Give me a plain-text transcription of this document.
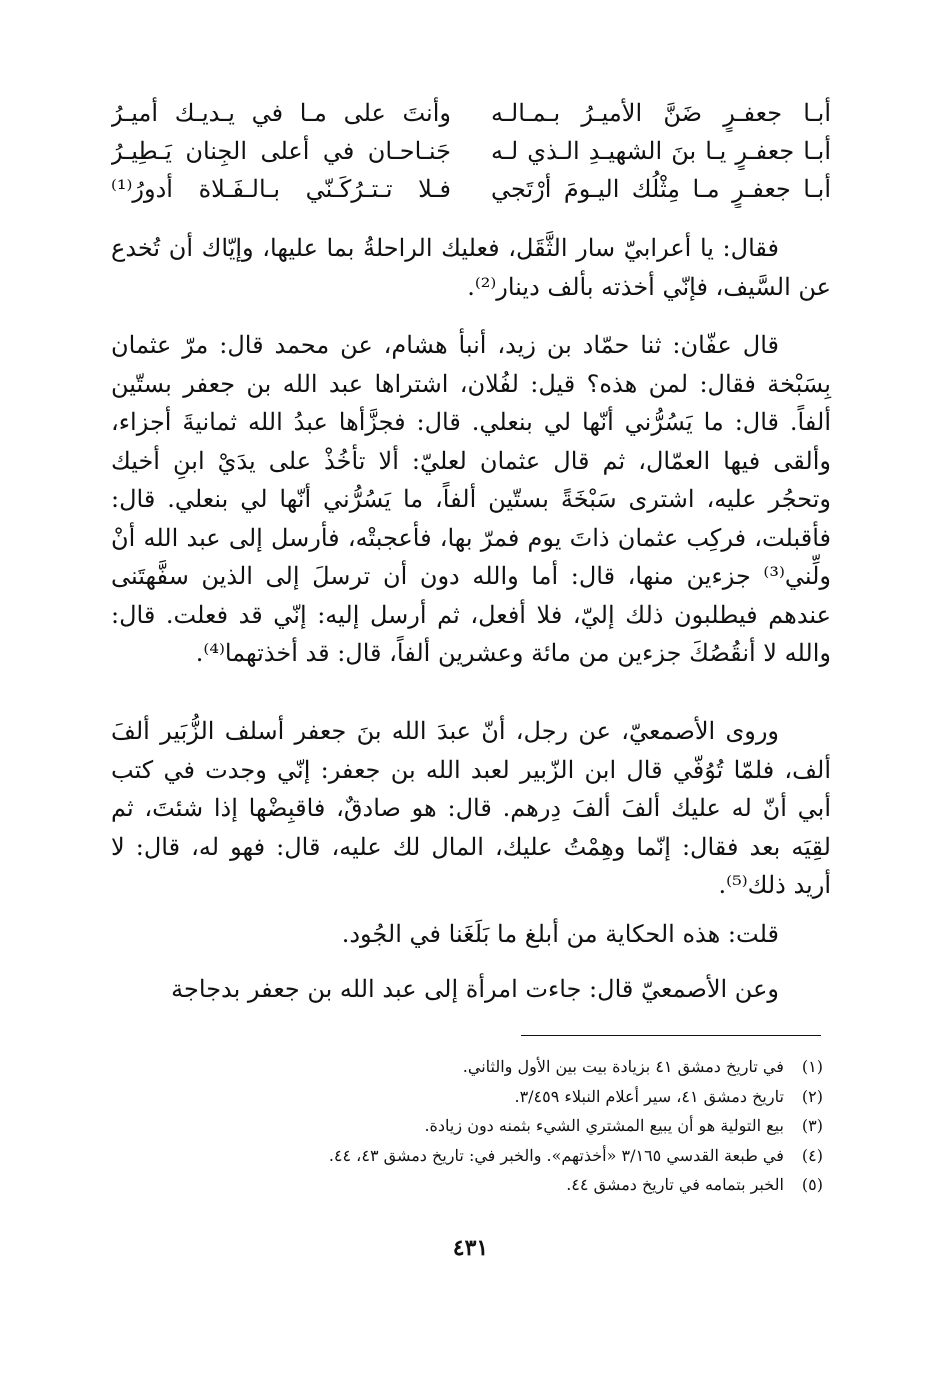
أبـا جعفـرٍ ضَنَّ الأميـرُ بـمـالـه
وأنتَ على مـا في يـديـك أميـرُ
أبـا جعفـرٍ يـا بنَ الشهيـدِ الـذي لـه
جَنـاحـان في أعلى الجِنان يَـطِيـرُ
أبـا جعفـرٍ مـا مِثْلُك اليـومَ أرْتَجي
فـلا تـتـرُكَـنّي بـالـفَـلاة أدورُ⁽¹⁾

فقال: يا أعرابيّ سار الثَّقَل، فعليك الراحلةُ بما عليها، وإيّاك أن تُخدع عن السَّيف، فإنّي أخذته بألف دينار⁽²⁾.

قال عفّان: ثنا حمّاد بن زيد، أنبأ هشام، عن محمد قال: مرّ عثمان بِسَبْخة فقال: لمن هذه؟ قيل: لفُلان، اشتراها عبد الله بن جعفر بستّين ألفاً. قال: ما يَسُرُّني أنّها لي بنعلي. قال: فجزَّأها عبدُ الله ثمانيةَ أجزاء، وألقى فيها العمّال، ثم قال عثمان لعليّ: ألا تأخُذْ على يدَيْ ابنِ أخيك وتحجُر عليه، اشترى سَبْخَةً بستّين ألفاً، ما يَسُرُّني أنّها لي بنعلي. قال: فأقبلت، فركِب عثمان ذاتَ يوم فمرّ بها، فأعجبتْه، فأرسل إلى عبد الله أنْ ولِّني⁽³⁾ جزءين منها، قال: أما والله دون أن ترسلَ إلى الذين سفَّهتَنى عندهم فيطلبون ذلك إليّ، فلا أفعل، ثم أرسل إليه: إنّي قد فعلت. قال: والله لا أنقُصُكَ جزءين من مائة وعشرين ألفاً، قال: قد أخذتهما⁽⁴⁾.

وروى الأصمعيّ، عن رجل، أنّ عبدَ الله بنَ جعفر أسلف الزُّبَير ألفَ ألف، فلمّا تُوُفّي قال ابن الزّبير لعبد الله بن جعفر: إنّي وجدت في كتب أبي أنّ له عليك ألفَ ألفَ دِرهم. قال: هو صادقٌ، فاقبِضْها إذا شئتَ، ثم لقِيَه بعد فقال: إنّما وهِمْتُ عليك، المال لك عليه، قال: فهو له، قال: لا أريد ذلك⁽⁵⁾.

قلت: هذه الحكاية من أبلغ ما بَلَغَنا في الجُود.

وعن الأصمعيّ قال: جاءت امرأة إلى عبد الله بن جعفر بدجاجة

(١) في تاريخ دمشق ٤١ بزيادة بيت بين الأول والثاني.
(٢) تاريخ دمشق ٤١، سير أعلام النبلاء ٣/٤٥٩.
(٣) بيع التولية هو أن يبيع المشتري الشيء بثمنه دون زيادة.
(٤) في طبعة القدسي ٣/١٦٥ «أخذتهم». والخبر في: تاريخ دمشق ٤٣، ٤٤.
(٥) الخبر بتمامه في تاريخ دمشق ٤٤.
٤٣١
